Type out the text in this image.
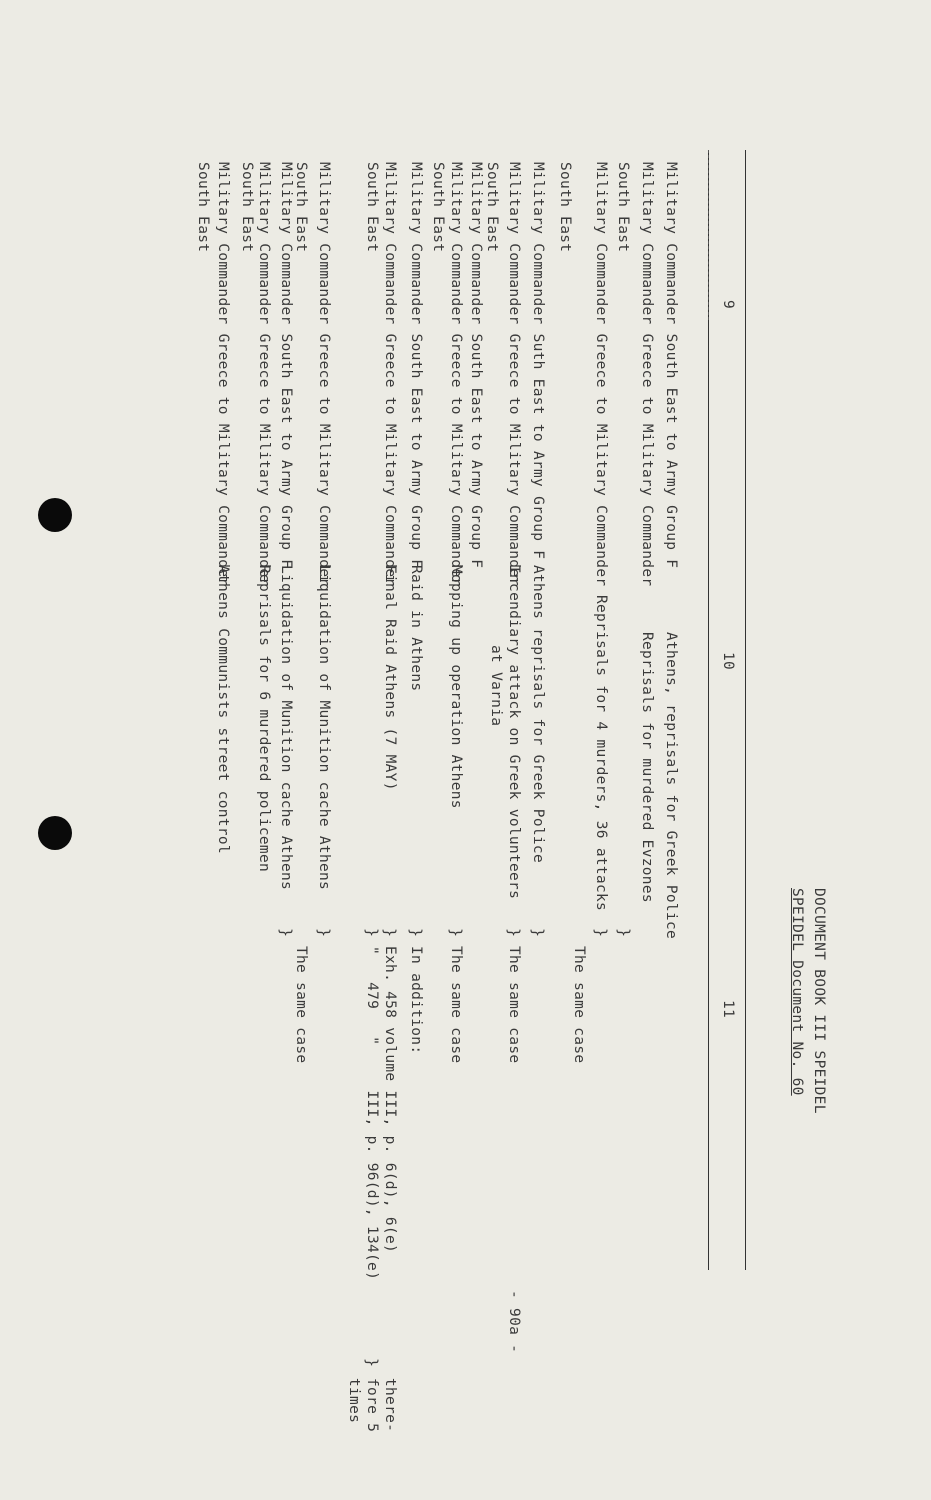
DOCUMENT BOOK III SPEIDEL
SPEIDEL Document No. 60
9
10
11
Military Commander South East to Army Group F
Military Commander Greece to Military Commander
South East
Military Commander Greece to Military Commander
South East
Military Commander Suth East to Army Group F
Military Commander Greece to Military Commander
South East
Military Commander South East to Army Group F
Military Commander Greece to Military Commander
South East
Military Commander South East to Army Group F
Military Commander Greece to Military Commander
South East
Military Commander Greece to Military Commander
South East
Military Commander South East to Army Group F
Military Commander Greece to Military Commander
South East
Military Commander Greece to Military Commander
South East
Athens, reprisals for Greek Police
Reprisals for murdered Evzones
Reprisals for 4 murders, 36 attacks
Athens reprisals for Greek Police
Incendiary attack on Greek volunteers
at Varnia
Mopping up operation Athens
Raid in Athens
Final Raid Athens (7 MAY)
Liquidation of Munition cache Athens
Liquidation of Munition cache Athens
Reprisals for 6 murdered policemen
Athens Communists street control
}
}
}
}
}
}
}
}
}
}
}
The same case
The same case
The same case
In addition:
Exh. 458 volume III, p. 6(d), 6(e)
"   479   "     III, p. 96(d), 134(e)
The same case
there-
fore 5
times
- 90a -
